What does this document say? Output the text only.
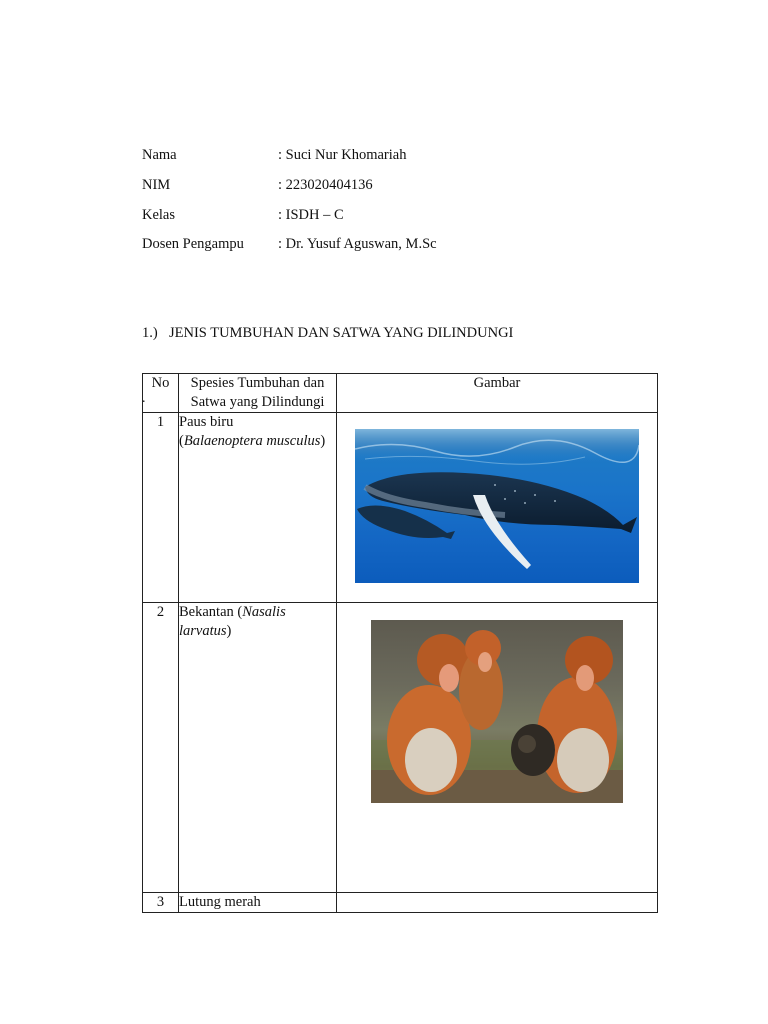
Nama	: Suci Nur Khomariah
NIM	: 223020404136
Kelas	: ISDH – C
Dosen Pengampu : Dr. Yusuf Aguswan, M.Sc
1.) JENIS TUMBUHAN DAN SATWA YANG DILINDUNGI
No
.	Spesies Tumbuhan dan
Satwa yang Dilindungi	Gambar
1	Paus biru
(Balaenoptera musculus)	

2	Bekantan (Nasalis larvatus)	

3	Lutung merah	
